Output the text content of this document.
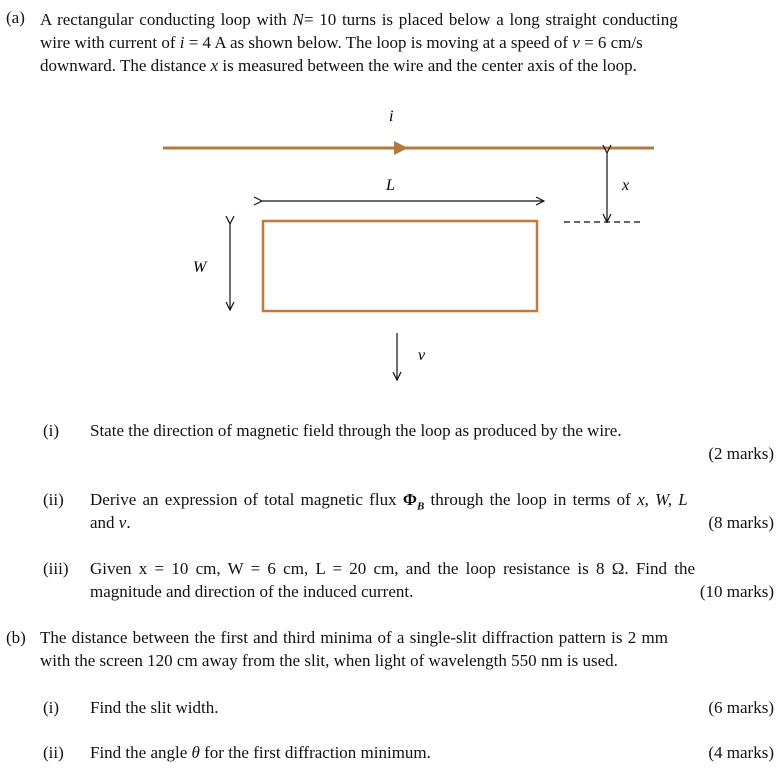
(a) A rectangular conducting loop with N= 10 turns is placed below a long straight conducting
wire with current of i = 4 A as shown below. The loop is moving at a speed of v = 6 cm/s
downward. The distance x is measured between the wire and the center axis of the loop.
i
x
L
W
v
(i) State the direction of magnetic field through the loop as produced by the wire.
(2 marks)
(ii) Derive an expression of total magnetic flux $\Phi_B$ through the loop in terms of x, W, L
and v.	(8 marks)
(iii) Given x = 10 cm, W = 6 cm, L = 20 cm, and the loop resistance is 8 Ω. Find the
magnitude and direction of the induced current.	(10 marks)
(b) The distance between the first and third minima of a single-slit diffraction pattern is 2 mm
with the screen 120 cm away from the slit, when light of wavelength 550 nm is used.
(i) Find the slit width.	(6 marks)
(ii) Find the angle θ for the first diffraction minimum.	(4 marks)
